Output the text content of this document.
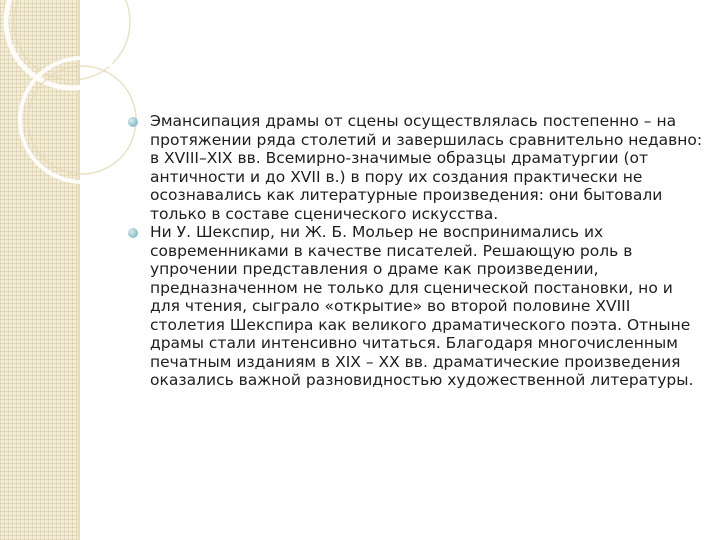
Эмансипация драмы от сцены осуществлялась постепенно – на протяжении ряда столетий и завершилась сравнительно недавно: в XVIII–XIX вв. Всемирно-значимые образцы драматургии (от античности и до XVII в.) в пору их создания практически не осознавались как литературные произведения: они бытовали только в составе сценического искусства.
Ни У. Шекспир, ни Ж. Б. Мольер не воспринимались их современниками в качестве писателей. Решающую роль в упрочении представления о драме как произведении, предназначенном не только для сценической постановки, но и для чтения, сыграло «открытие» во второй половине XVIII столетия Шекспира как великого драматического поэта. Отныне драмы стали интенсивно читаться. Благодаря многочисленным печатным изданиям в XIX – XX вв. драматические произведения оказались важной разновидностью художественной литературы.
